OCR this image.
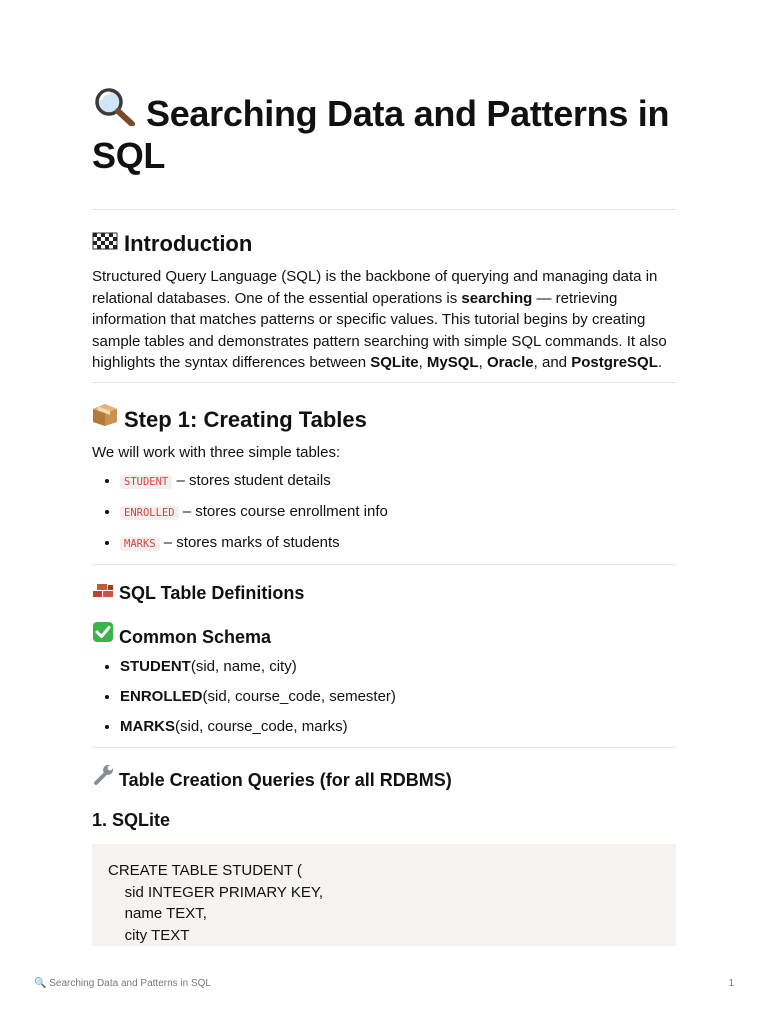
Searching Data and Patterns in SQL
Introduction

Structured Query Language (SQL) is the backbone of querying and managing data in relational databases. One of the essential operations is searching — retrieving information that matches patterns or specific values. This tutorial begins by creating sample tables and demonstrates pattern searching with simple SQL commands. It also highlights the syntax differences between SQLite, MySQL, Oracle, and PostgreSQL.

Step 1: Creating Tables

We will work with three simple tables:

• STUDENT – stores student details
• ENROLLED – stores course enrollment info
• MARKS – stores marks of students
SQL Table Definitions
Common Schema
• STUDENT(sid, name, city)
• ENROLLED(sid, course_code, semester)
• MARKS(sid, course_code, marks)
Table Creation Queries (for all RDBMS)
1. SQLite
CREATE TABLE STUDENT (
sid INTEGER PRIMARY KEY,
name TEXT,
city TEXT
🔍 Searching Data and Patterns in SQL	1
